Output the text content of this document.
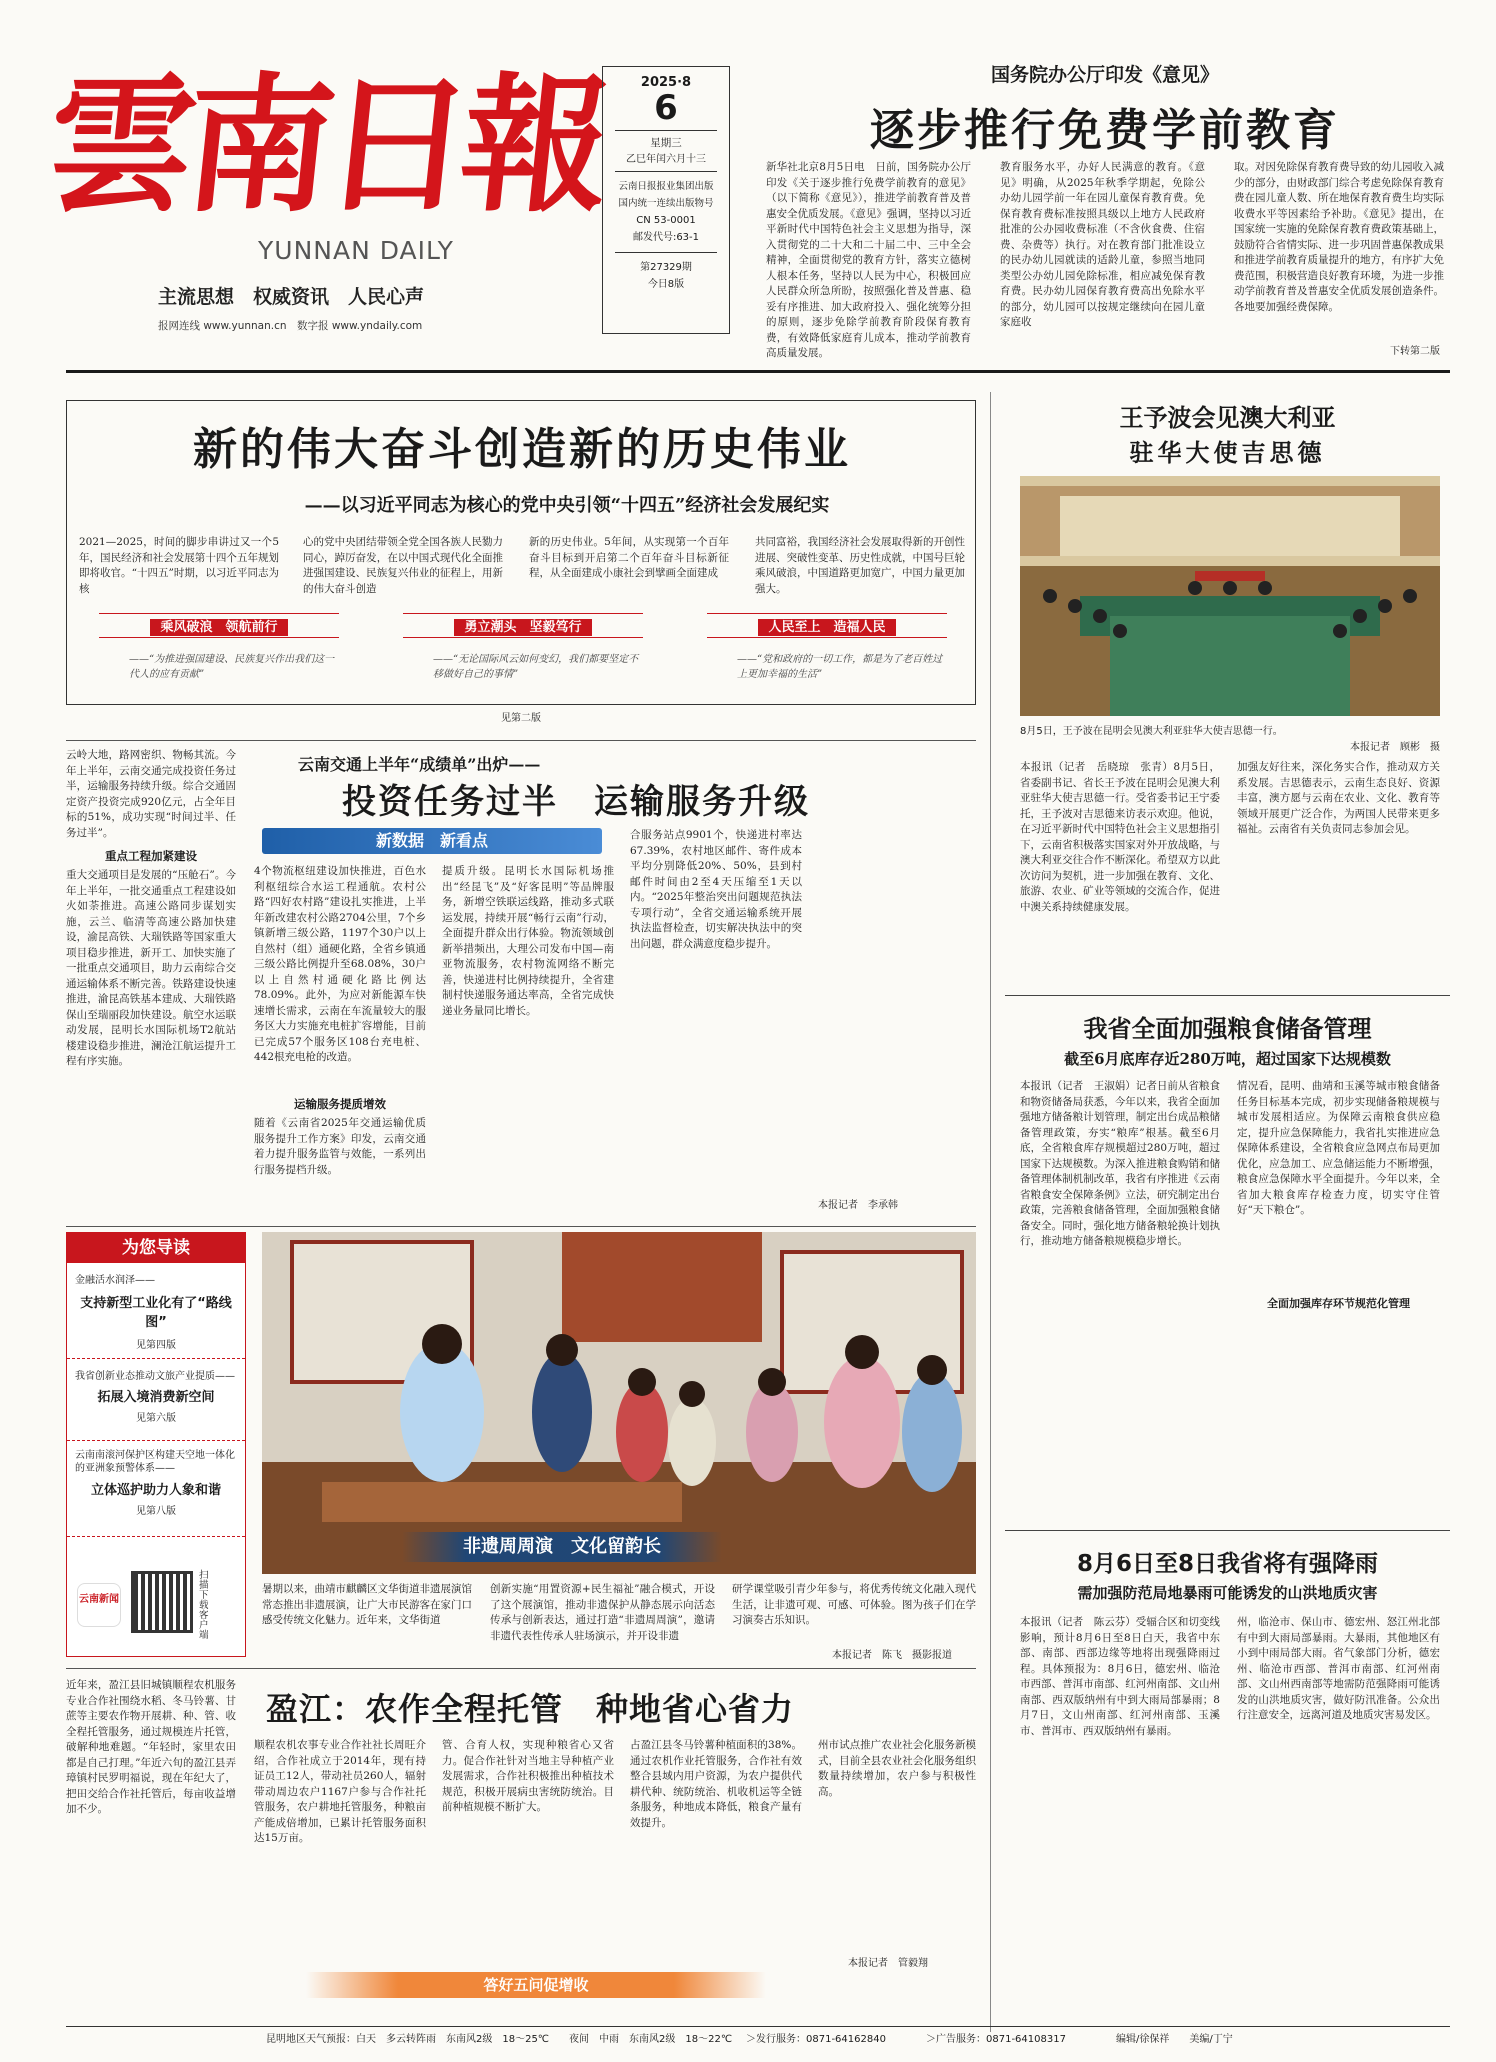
雲南日報
YUNNAN DAILY
主流思想　权威资讯　人民心声
报网连线 www.yunnan.cn　数字报 www.yndaily.com
2025·8
6
星期三
乙巳年闰六月十三
云南日报报业集团出版
国内统一连续出版物号
CN 53-0001
邮发代号:63-1
第27329期
今日8版
国务院办公厅印发《意见》
逐步推行免费学前教育
新华社北京8月5日电　日前，国务院办公厅印发《关于逐步推行免费学前教育的意见》（以下简称《意见》），推进学前教育普及普惠安全优质发展。《意见》强调，坚持以习近平新时代中国特色社会主义思想为指导，深入贯彻党的二十大和二十届二中、三中全会精神，全面贯彻党的教育方针，落实立德树人根本任务，坚持以人民为中心，积极回应人民群众所急所盼，按照强化普及普惠、稳妥有序推进、加大政府投入、强化统筹分担的原则，逐步免除学前教育阶段保育教育费，有效降低家庭育儿成本，推动学前教育高质量发展。
教育服务水平，办好人民满意的教育。《意见》明确，从2025年秋季学期起，免除公办幼儿园学前一年在园儿童保育教育费。免保育教育费标准按照具级以上地方人民政府批准的公办园收费标准（不含伙食费、住宿费、杂费等）执行。对在教育部门批准设立的民办幼儿园就读的适龄儿童，参照当地同类型公办幼儿园免除标准，相应减免保育教育费。民办幼儿园保育教育费高出免除水平的部分，幼儿园可以按规定继续向在园儿童家庭收
取。对因免除保育教育费导致的幼儿园收入减少的部分，由财政部门综合考虑免除保育教育费在园儿童人数、所在地保育教育费生均实际收费水平等因素给予补助。《意见》提出，在国家统一实施的免除保育教育费政策基础上，鼓励符合省情实际、进一步巩固普惠保教成果和推进学前教育质量提升的地方，有序扩大免费范围，积极营造良好教育环境，为进一步推动学前教育普及普惠安全优质发展创造条件。各地要加强经费保障。
下转第二版
新的伟大奋斗创造新的历史伟业
——以习近平同志为核心的党中央引领“十四五”经济社会发展纪实
2021—2025，时间的脚步串讲过又一个5年，国民经济和社会发展第十四个五年规划即将收官。“十四五”时期，以习近平同志为核
心的党中央团结带领全党全国各族人民勠力同心，踔厉奋发，在以中国式现代化全面推进强国建设、民族复兴伟业的征程上，用新的伟大奋斗创造
新的历史伟业。5年间，从实现第一个百年奋斗目标到开启第二个百年奋斗目标新征程，从全面建成小康社会到擘画全面建成
共同富裕，我国经济社会发展取得新的开创性进展、突破性变革、历史性成就，中国号巨轮乘风破浪，中国道路更加宽广，中国力量更加强大。
乘风破浪　领航前行
——“为推进强国建设、民族复兴作出我们这一代人的应有贡献”
勇立潮头　坚毅笃行
——“无论国际风云如何变幻，我们都要坚定不移做好自己的事情”
人民至上　造福人民
——“党和政府的一切工作，都是为了老百姓过上更加幸福的生活”
见第二版
王予波会见澳大利亚
驻华大使吉思德
8月5日，王予波在昆明会见澳大利亚驻华大使吉思德一行。
本报记者　顾彬　摄
本报讯（记者　岳晓琼　张青）8月5日，省委副书记、省长王予波在昆明会见澳大利亚驻华大使吉思德一行。受省委书记王宁委托，王予波对吉思德来访表示欢迎。他说，在习近平新时代中国特色社会主义思想指引下，云南省积极落实国家对外开放战略，与澳大利亚交往合作不断深化。希望双方以此次访问为契机，进一步加强在教育、文化、旅游、农业、矿业等领域的交流合作，促进中澳关系持续健康发展。
加强友好往来，深化务实合作，推动双方关系发展。吉思德表示，云南生态良好、资源丰富，澳方愿与云南在农业、文化、教育等领域开展更广泛合作，为两国人民带来更多福祉。云南省有关负责同志参加会见。
我省全面加强粮食储备管理
截至6月底库存近280万吨，超过国家下达规模数
本报讯（记者　王淑娟）记者日前从省粮食和物资储备局获悉，今年以来，我省全面加强地方储备粮计划管理，制定出台成品粮储备管理政策，夯实“粮库”根基。截至6月底，全省粮食库存规模超过280万吨，超过国家下达规模数。为深入推进粮食购销和储备管理体制机制改革，我省有序推进《云南省粮食安全保障条例》立法，研究制定出台政策，完善粮食储备管理，全面加强粮食储备安全。同时，强化地方储备粮轮换计划执行，推动地方储备粮规模稳步增长。
情况看，昆明、曲靖和玉溪等城市粮食储备任务目标基本完成，初步实现储备粮规模与城市发展相适应。为保障云南粮食供应稳定，提升应急保障能力，我省扎实推进应急保障体系建设，全省粮食应急网点布局更加优化，应急加工、应急储运能力不断增强，粮食应急保障水平全面提升。今年以来，全省加大粮食库存检查力度，切实守住管好“天下粮仓”。
全面加强库存环节规范化管理
8月6日至8日我省将有强降雨
需加强防范局地暴雨可能诱发的山洪地质灾害
本报讯（记者　陈云芬）受辐合区和切变线影响，预计8月6日至8日白天，我省中东部、南部、西部边缘等地将出现强降雨过程。具体预报为：8月6日，德宏州、临沧市西部、普洱市南部、红河州南部、文山州南部、西双版纳州有中到大雨局部暴雨；8月7日，文山州南部、红河州南部、玉溪市、普洱市、西双版纳州有暴雨。
州，临沧市、保山市、德宏州、怒江州北部有中到大雨局部暴雨。大暴雨，其他地区有小到中雨局部大雨。省气象部门分析，德宏州、临沧市西部、普洱市南部、红河州南部、文山州西南部等地需防范强降雨可能诱发的山洪地质灾害，做好防汛准备。公众出行注意安全，远离河道及地质灾害易发区。
云岭大地，路网密织、物畅其流。今年上半年，云南交通完成投资任务过半，运输服务持续升级。综合交通固定资产投资完成920亿元，占全年目标的51%，成功实现“时间过半、任务过半”。
重点工程加紧建设
重大交通项目是发展的“压舱石”。今年上半年，一批交通重点工程建设如火如荼推进。高速公路同步谋划实施，云兰、临清等高速公路加快建设，渝昆高铁、大瑞铁路等国家重大项目稳步推进，新开工、加快实施了一批重点交通项目，助力云南综合交通运输体系不断完善。铁路建设快速推进，渝昆高铁基本建成、大瑞铁路保山至瑞丽段加快建设。航空水运联动发展，昆明长水国际机场T2航站楼建设稳步推进，澜沧江航运提升工程有序实施。
云南交通上半年“成绩单”出炉——
投资任务过半　运输服务升级
新数据　新看点
4个物流枢纽建设加快推进，百色水利枢纽综合水运工程通航。农村公路“四好农村路”建设扎实推进，上半年新改建农村公路2704公里，7个乡镇新增三级公路，1197个30户以上自然村（组）通硬化路，全省乡镇通三级公路比例提升至68.08%，30户以上自然村通硬化路比例达78.09%。此外，为应对新能源车快速增长需求，云南在车流量较大的服务区大力实施充电桩扩容增能，目前已完成57个服务区108台充电桩、442根充电枪的改造。
运输服务提质增效
随着《云南省2025年交通运输优质服务提升工作方案》印发，云南交通着力提升服务监管与效能，一系列出行服务提档升级。
提质升级。昆明长水国际机场推出“经昆飞”及“好客昆明”等品牌服务，新增空铁联运线路，推动多式联运发展，持续开展“畅行云南”行动，全面提升群众出行体验。物流领域创新举措频出，大理公司发布中国—南亚物流服务，农村物流网络不断完善，快递进村比例持续提升，全省建制村快递服务通达率高，全省完成快递业务量同比增长。
合服务站点9901个，快递进村率达67.39%，农村地区邮件、寄件成本平均分别降低20%、50%，县到村邮件时间由2至4天压缩至1天以内。“2025年整治突出问题规范执法专项行动”，全省交通运输系统开展执法监督检查，切实解决执法中的突出问题，群众满意度稳步提升。
本报记者　李承韩
为您导读
金融活水润泽——
支持新型工业化有了“路线图”
见第四版
我省创新业态推动文旅产业提质——
拓展入境消费新空间
见第六版
云南南滚河保护区构建天空地一体化的亚洲象预警体系——
立体巡护助力人象和谐
见第八版
云南新闻
扫描下载客户端
非遗周周演　文化留韵长
暑期以来，曲靖市麒麟区文华街道非遗展演馆常态推出非遗展演，让广大市民游客在家门口感受传统文化魅力。近年来，文华街道
创新实施“用置资源+民生福祉”融合模式，开设了这个展演馆，推动非遗保护从静态展示向活态传承与创新表达，通过打造“非遗周周演”，邀请非遗代表性传承人驻场演示，并开设非遗
研学课堂吸引青少年参与，将优秀传统文化融入现代生活，让非遗可观、可感、可体验。图为孩子们在学习演奏古乐知识。
本报记者　陈飞　摄影报道
近年来，盈江县旧城镇顺程农机服务专业合作社围绕水稻、冬马铃薯、甘蔗等主要农作物开展耕、种、管、收全程托管服务，通过规模连片托管，破解种地难题。“年轻时，家里农田都是自己打理。”年近六旬的盈江县弄璋镇村民罗明福说，现在年纪大了，把田交给合作社托管后，每亩收益增加不少。
盈江：农作全程托管　种地省心省力
顺程农机农事专业合作社社长周旺介绍，合作社成立于2014年，现有持证员工12人，带动社员260人，辐射带动周边农户1167户参与合作社托管服务，农户耕地托管服务，种粮亩产能成倍增加，已累计托管服务面积达15万亩。
管、合育人权，实现种粮省心又省力。促合作社针对当地主导种植产业发展需求，合作社积极推出种植技术规范，积极开展病虫害统防统治。目前种植规模不断扩大。
占盈江县冬马铃薯种植面积的38%。通过农机作业托管服务，合作社有效整合县域内用户资源，为农户提供代耕代种、统防统治、机收机运等全链条服务，种地成本降低，粮食产量有效提升。
州市试点推广农业社会化服务新模式，目前全县农业社会化服务组织数量持续增加，农户参与积极性高。
本报记者　管毅翔
答好五问促增收
昆明地区天气预报：白天　多云转阵雨　东南风2级　18～25℃　　夜间　中雨　东南风2级　18～22℃ ＞发行服务：0871-64162840	＞广告服务：0871-64108317	编辑/徐保祥　　美编/丁宁
